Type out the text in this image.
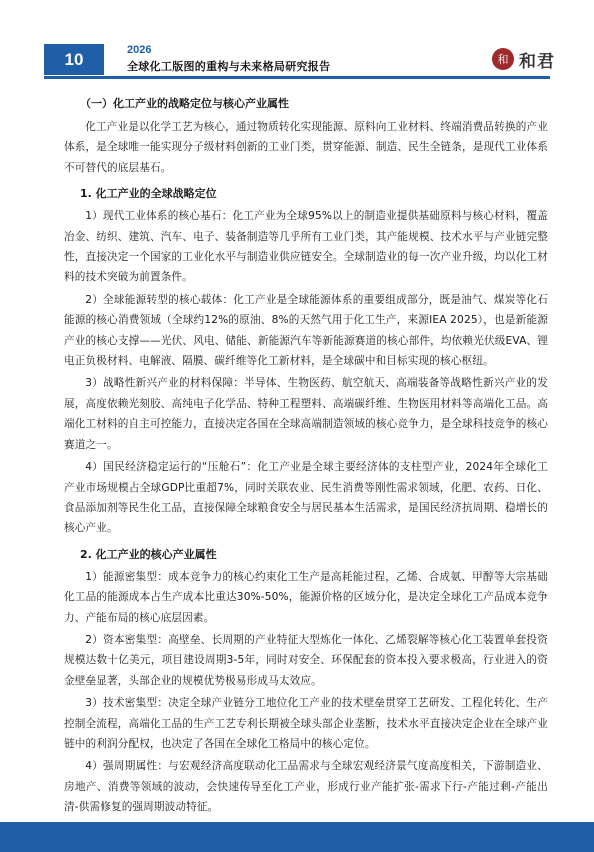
10	2026
全球化工版图的重构与未来格局研究报告
和 和君
（一）化工产业的战略定位与核心产业属性

化工产业是以化学工艺为核心，通过物质转化实现能源、原料向工业材料、终端消费品转换的产业体系，是全球唯一能实现分子级材料创新的工业门类，贯穿能源、制造、民生全链条，是现代工业体系不可替代的底层基石。

1. 化工产业的全球战略定位

1）现代工业体系的核心基石：化工产业为全球95%以上的制造业提供基础原料与核心材料，覆盖冶金、纺织、建筑、汽车、电子、装备制造等几乎所有工业门类，其产能规模、技术水平与产业链完整性，直接决定一个国家的工业化水平与制造业供应链安全。全球制造业的每一次产业升级，均以化工材料的技术突破为前置条件。

2）全球能源转型的核心载体：化工产业是全球能源体系的重要组成部分，既是油气、煤炭等化石能源的核心消费领域（全球约12%的原油、8%的天然气用于化工生产，来源IEA 2025），也是新能源产业的核心支撑——光伏、风电、储能、新能源汽车等新能源赛道的核心部件，均依赖光伏级EVA、锂电正负极材料、电解液、隔膜、碳纤维等化工新材料，是全球碳中和目标实现的核心枢纽。

3）战略性新兴产业的材料保障：半导体、生物医药、航空航天、高端装备等战略性新兴产业的发展，高度依赖光刻胶、高纯电子化学品、特种工程塑料、高端碳纤维、生物医用材料等高端化工品。高端化工材料的自主可控能力，直接决定各国在全球高端制造领域的核心竞争力，是全球科技竞争的核心赛道之一。

4）国民经济稳定运行的“压舱石”：化工产业是全球主要经济体的支柱型产业，2024年全球化工产业市场规模占全球GDP比重超7%，同时关联农业、民生消费等刚性需求领域，化肥、农药、日化、食品添加剂等民生化工品，直接保障全球粮食安全与居民基本生活需求，是国民经济抗周期、稳增长的核心产业。

2. 化工产业的核心产业属性

1）能源密集型：成本竞争力的核心约束化工生产是高耗能过程，乙烯、合成氨、甲醇等大宗基础化工品的能源成本占生产成本比重达30%-50%，能源价格的区域分化，是决定全球化工产品成本竞争力、产能布局的核心底层因素。

2）资本密集型：高壁垒、长周期的产业特征大型炼化一体化、乙烯裂解等核心化工装置单套投资规模达数十亿美元，项目建设周期3-5年，同时对安全、环保配套的资本投入要求极高，行业进入的资金壁垒显著，头部企业的规模优势极易形成马太效应。

3）技术密集型：决定全球产业链分工地位化工产业的技术壁垒贯穿工艺研发、工程化转化、生产控制全流程，高端化工品的生产工艺专利长期被全球头部企业垄断，技术水平直接决定企业在全球产业链中的利润分配权，也决定了各国在全球化工格局中的核心定位。

4）强周期属性：与宏观经济高度联动化工品需求与全球宏观经济景气度高度相关，下游制造业、房地产、消费等领域的波动，会快速传导至化工产业，形成行业产能扩张-需求下行-产能过剩-产能出清-供需修复的强周期波动特征。
